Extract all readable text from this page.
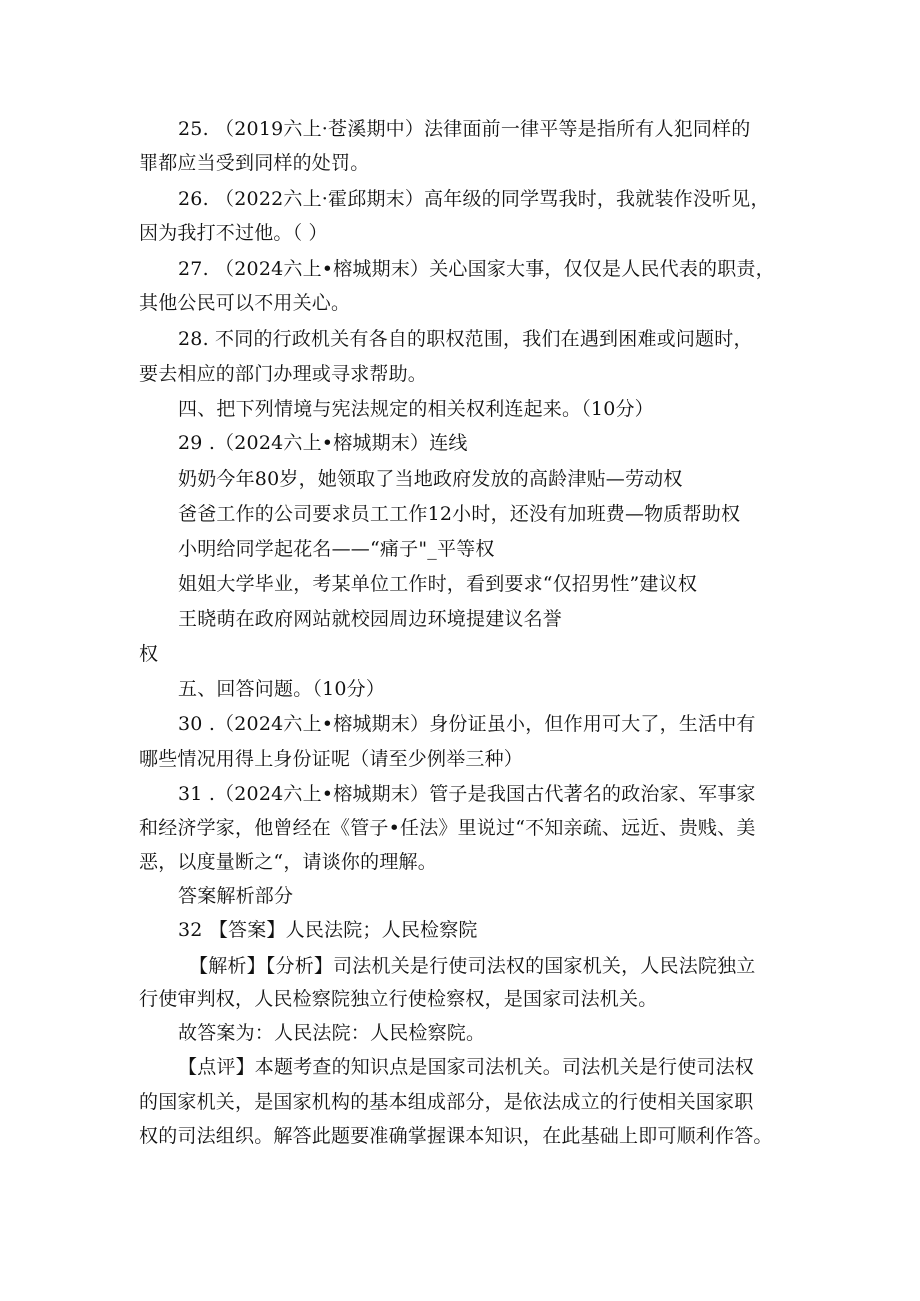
25. （2019六上·苍溪期中）法律面前一律平等是指所有人犯同样的
罪都应当受到同样的处罚。
26. （2022六上·霍邱期末）高年级的同学骂我时，我就装作没听见，
因为我打不过他。（ ）
27. （2024六上•榕城期末）关心国家大事，仅仅是人民代表的职责，
其他公民可以不用关心。
28. 不同的行政机关有各自的职权范围，我们在遇到困难或问题时，
要去相应的部门办理或寻求帮助。
四、把下列情境与宪法规定的相关权利连起来。（10分）
29 .（2024六上•榕城期末）连线
奶奶今年80岁，她领取了当地政府发放的高龄津贴—劳动权
爸爸工作的公司要求员工工作12小时，还没有加班费—物质帮助权
小明给同学起花名——“痛子"_平等权
姐姐大学毕业，考某单位工作时，看到要求“仅招男性”建议权
王晓萌在政府网站就校园周边环境提建议名誉
权
五、回答问题。（10分）
30 .（2024六上•榕城期末）身份证虽小，但作用可大了，生活中有
哪些情况用得上身份证呢（请至少例举三种）
31 .（2024六上•榕城期末）管子是我国古代著名的政治家、军事家
和经济学家，他曾经在《管子•任法》里说过“不知亲疏、远近、贵贱、美
恶，以度量断之“，请谈你的理解。
答案解析部分
32 【答案】人民法院；人民检察院
【解析】【分析】司法机关是行使司法权的国家机关，人民法院独立
行使审判权，人民检察院独立行使检察权，是国家司法机关。
故答案为：人民法院：人民检察院。
【点评】本题考查的知识点是国家司法机关。司法机关是行使司法权
的国家机关，是国家机构的基本组成部分，是依法成立的行使相关国家职
权的司法组织。解答此题要准确掌握课本知识，在此基础上即可顺利作答。
